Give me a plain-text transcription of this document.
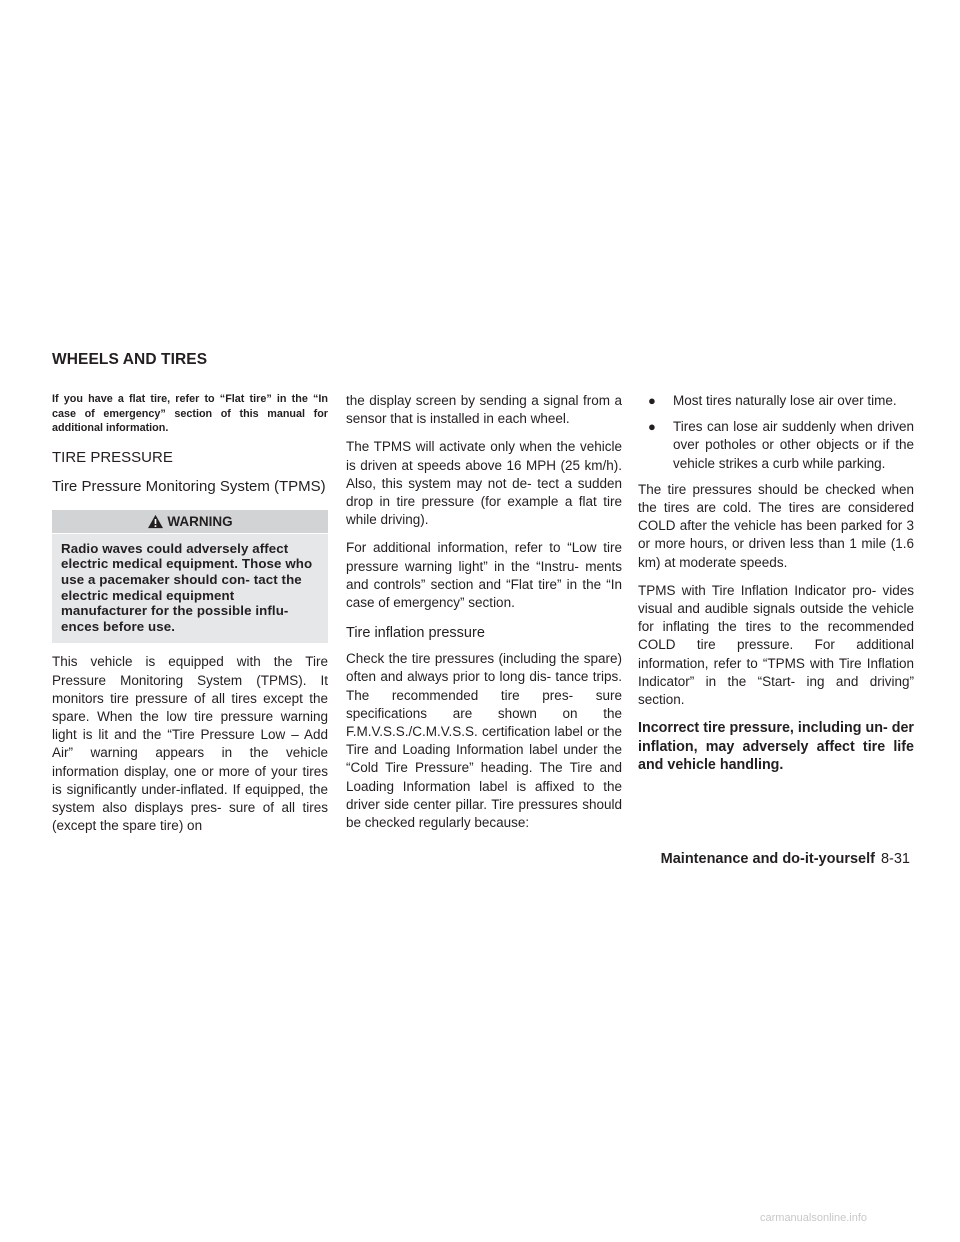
WHEELS AND TIRES

If you have a flat tire, refer to “Flat tire” in the “In case of emergency” section of this manual for additional information.

TIRE PRESSURE
Tire Pressure Monitoring System (TPMS)
WARNING
Radio waves could adversely affect electric medical equipment. Those who use a pacemaker should con- tact the electric medical equipment manufacturer for the possible influ- ences before use.

This vehicle is equipped with the Tire Pressure Monitoring System (TPMS). It monitors tire pressure of all tires except the spare. When the low tire pressure warning light is lit and the “Tire Pressure Low – Add Air” warning appears in the vehicle information display, one or more of your tires is significantly under-inflated. If equipped, the system also displays pres- sure of all tires (except the spare tire) on

the display screen by sending a signal from a sensor that is installed in each wheel.

The TPMS will activate only when the vehicle is driven at speeds above 16 MPH (25 km/h). Also, this system may not de- tect a sudden drop in tire pressure (for example a flat tire while driving).

For additional information, refer to “Low tire pressure warning light” in the “Instru- ments and controls” section and “Flat tire” in the “In case of emergency” section.

Tire inflation pressure

Check the tire pressures (including the spare) often and always prior to long dis- tance trips. The recommended tire pres- sure specifications are shown on the F.M.V.S.S./C.M.V.S.S. certification label or the Tire and Loading Information label under the “Cold Tire Pressure” heading. The Tire and Loading Information label is affixed to the driver side center pillar. Tire pressures should be checked regularly because:

● Most tires naturally lose air over time.
● Tires can lose air suddenly when driven over potholes or other objects or if the vehicle strikes a curb while parking.

The tire pressures should be checked when the tires are cold. The tires are considered COLD after the vehicle has been parked for 3 or more hours, or driven less than 1 mile (1.6 km) at moderate speeds.

TPMS with Tire Inflation Indicator pro- vides visual and audible signals outside the vehicle for inflating the tires to the recommended COLD tire pressure. For additional information, refer to “TPMS with Tire Inflation Indicator” in the “Start- ing and driving” section.

Incorrect tire pressure, including un- der inflation, may adversely affect tire life and vehicle handling.

Maintenance and do-it-yourself 8-31
carmanualsonline.info
